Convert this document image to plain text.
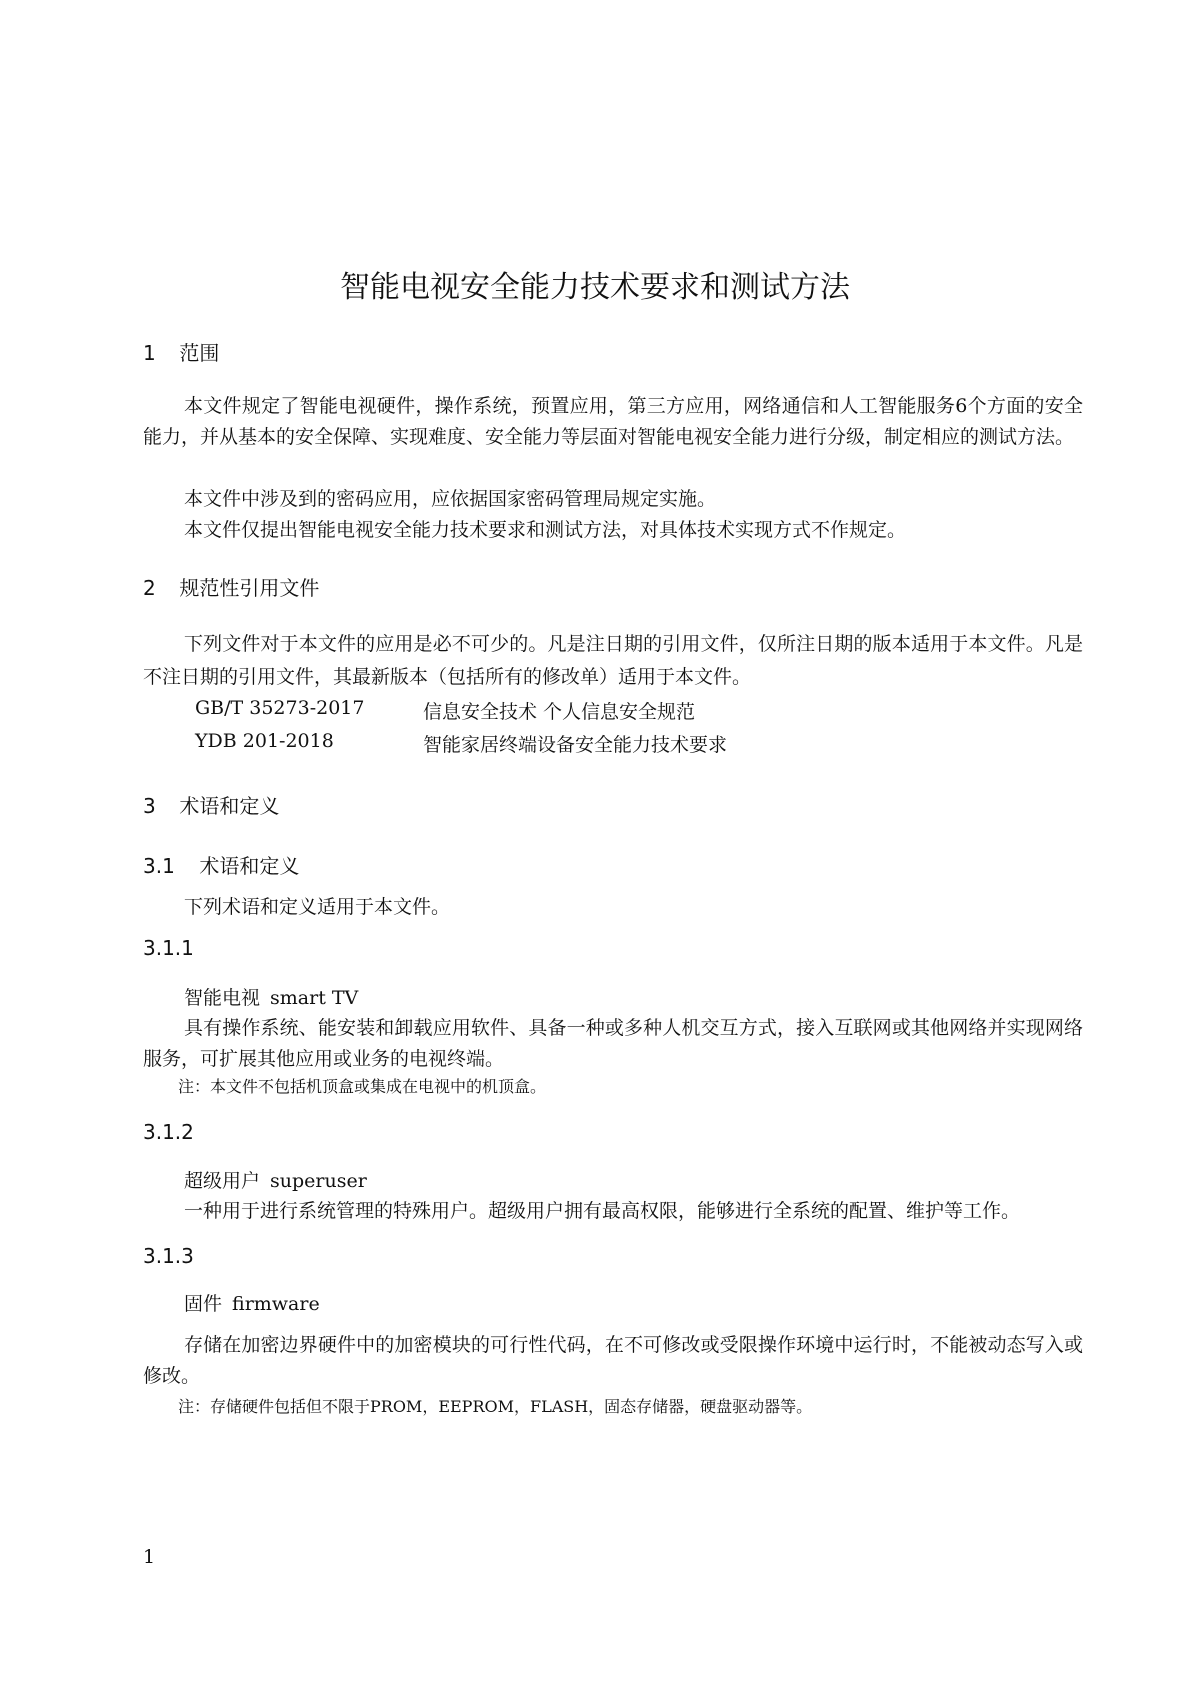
智能电视安全能力技术要求和测试方法
1 范围
本文件规定了智能电视硬件，操作系统，预置应用，第三方应用，网络通信和人工智能服务6个方面的安全能力，并从基本的安全保障、实现难度、安全能力等层面对智能电视安全能力进行分级，制定相应的测试方法。
本文件中涉及到的密码应用，应依据国家密码管理局规定实施。
本文件仅提出智能电视安全能力技术要求和测试方法，对具体技术实现方式不作规定。
2 规范性引用文件
下列文件对于本文件的应用是必不可少的。凡是注日期的引用文件，仅所注日期的版本适用于本文件。凡是不注日期的引用文件，其最新版本（包括所有的修改单）适用于本文件。
GB/T 35273-2017	信息安全技术 个人信息安全规范
YDB 201-2018	智能家居终端设备安全能力技术要求
3 术语和定义
3.1 术语和定义
下列术语和定义适用于本文件。
3.1.1
智能电视 smart TV
具有操作系统、能安装和卸载应用软件、具备一种或多种人机交互方式，接入互联网或其他网络并实现网络服务，可扩展其他应用或业务的电视终端。
注：本文件不包括机顶盒或集成在电视中的机顶盒。
3.1.2
超级用户 superuser
一种用于进行系统管理的特殊用户。超级用户拥有最高权限，能够进行全系统的配置、维护等工作。
3.1.3
固件 firmware
存储在加密边界硬件中的加密模块的可行性代码，在不可修改或受限操作环境中运行时，不能被动态写入或修改。
注：存储硬件包括但不限于PROM，EEPROM，FLASH，固态存储器，硬盘驱动器等。
1
